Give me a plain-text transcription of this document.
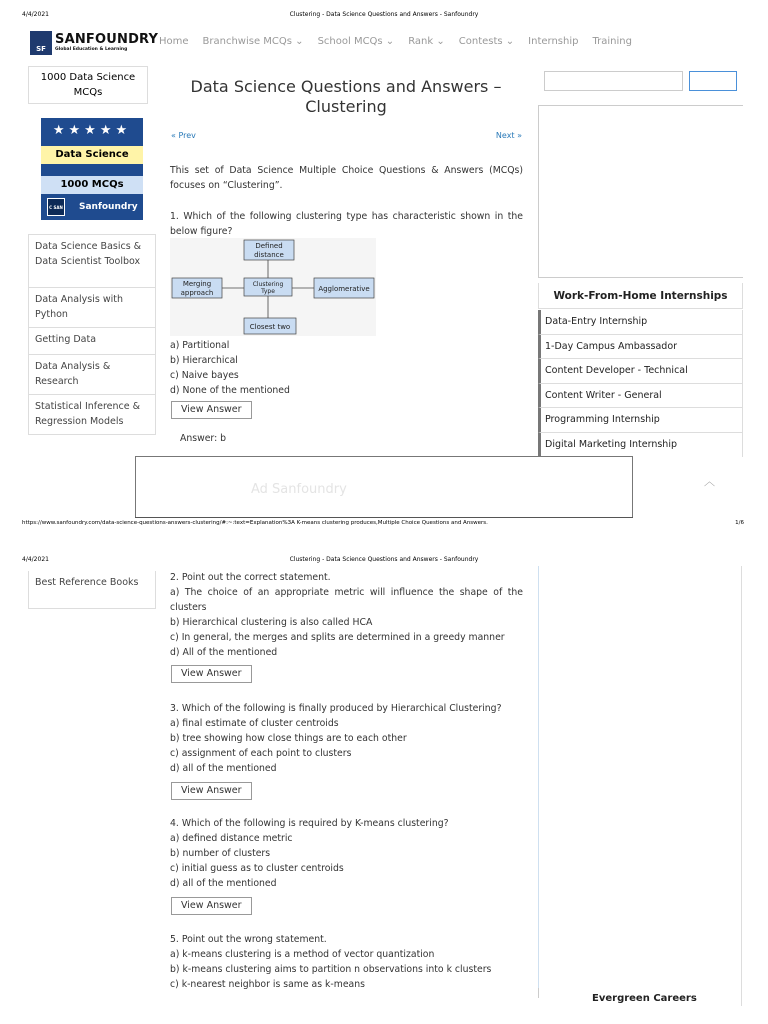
4/4/2021	Clustering - Data Science Questions and Answers - Sanfoundry
SF
SANFOUNDRY
Global Education & Learning
Home Branchwise MCQs ⌄ School MCQs ⌄ Rank ⌄ Contests ⌄ Internship Training
1000 Data Science MCQs
★★★★★
Data Science
1000 MCQs
C SAN Sanfoundry
Data Science Basics & Data Scientist Toolbox
Data Analysis with Python
Getting Data
Data Analysis & Research
Statistical Inference & Regression Models
Data Science Questions and Answers – Clustering
« Prev	Next »

This set of Data Science Multiple Choice Questions & Answers (MCQs) focuses on “Clustering”.

1. Which of the following clustering type has characteristic shown in the below figure?

Defined
distance
Clustering
Type
Merging
approach	Agglomerative
Closest two
a) Partitional
b) Hierarchical
c) Naive bayes
d) None of the mentioned
View Answer
Answer: b
Work-From-Home Internships
Data-Entry Internship
1-Day Campus Ambassador
Content Developer - Technical
Content Writer - General
Programming Internship
Digital Marketing Internship
Ad Sanfoundry
︿
https://www.sanfoundry.com/data-science-questions-answers-clustering/#:~:text=Explanation%3A K-means clustering produces,Multiple Choice Questions and Answers.	1/6
4/4/2021	Clustering - Data Science Questions and Answers - Sanfoundry
Best Reference Books	2. Point out the correct statement.

a) The choice of an appropriate metric will influence the shape of the clusters

b) Hierarchical clustering is also called HCA
c) In general, the merges and splits are determined in a greedy manner
d) All of the mentioned
View Answer
3. Which of the following is finally produced by Hierarchical Clustering?
a) final estimate of cluster centroids
b) tree showing how close things are to each other
c) assignment of each point to clusters
d) all of the mentioned
View Answer
4. Which of the following is required by K-means clustering?
a) defined distance metric
b) number of clusters
c) initial guess as to cluster centroids
d) all of the mentioned
View Answer
5. Point out the wrong statement.
a) k-means clustering is a method of vector quantization
b) k-means clustering aims to partition n observations into k clusters
c) k-nearest neighbor is same as k-means
Evergreen Careers
